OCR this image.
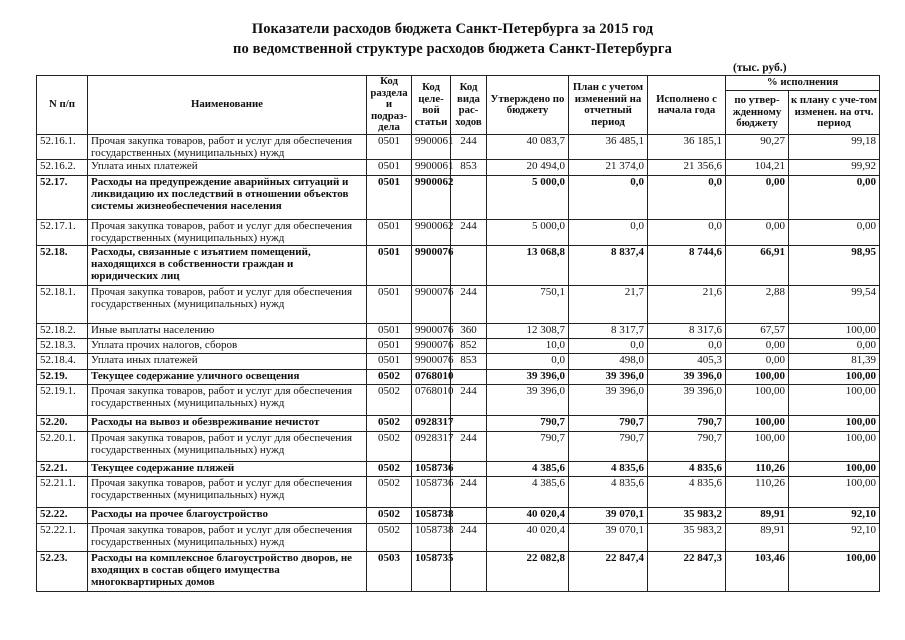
Показатели расходов бюджета Санкт-Петербурга за 2015 год
по ведомственной структуре расходов бюджета Санкт-Петербурга
(тыс. руб.)
N п/п	Наименование	Код раздела и подраз-дела	Код целе-вой статьи	Код вида рас-ходов	Утверждено по бюджету	План с учетом изменений на отчетный период	Исполнено с начала года	% исполнения	
								по утвер-жденному бюджету	к плану с уче-том изменен. на отч. период
52.16.1.	Прочая закупка товаров, работ и услуг для обеспечения государственных (муниципальных) нужд	0501	9900061	244	40 083,7	36 485,1	36 185,1	90,27	99,18
52.16.2.	Уплата иных платежей	0501	9900061	853	20 494,0	21 374,0	21 356,6	104,21	99,92
52.17.	Расходы на предупреждение аварийных ситуаций и ликвидацию их последствий в отношении объектов системы жизнеобеспечения населения	0501	9900062		5 000,0	0,0	0,0	0,00	0,00
52.17.1.	Прочая закупка товаров, работ и услуг для обеспечения государственных (муниципальных) нужд	0501	9900062	244	5 000,0	0,0	0,0	0,00	0,00
52.18.	Расходы, связанные с изъятием помещений, находящихся в собственности граждан и юридических лиц	0501	9900076		13 068,8	8 837,4	8 744,6	66,91	98,95
52.18.1.	Прочая закупка товаров, работ и услуг для обеспечения государственных (муниципальных) нужд	0501	9900076	244	750,1	21,7	21,6	2,88	99,54
52.18.2.	Иные выплаты населению	0501	9900076	360	12 308,7	8 317,7	8 317,6	67,57	100,00
52.18.3.	Уплата прочих налогов, сборов	0501	9900076	852	10,0	0,0	0,0	0,00	0,00
52.18.4.	Уплата иных платежей	0501	9900076	853	0,0	498,0	405,3	0,00	81,39
52.19.	Текущее содержание уличного освещения	0502	0768010		39 396,0	39 396,0	39 396,0	100,00	100,00
52.19.1.	Прочая закупка товаров, работ и услуг для обеспечения государственных (муниципальных) нужд	0502	0768010	244	39 396,0	39 396,0	39 396,0	100,00	100,00
52.20.	Расходы на вывоз и обезвреживание нечистот	0502	0928317		790,7	790,7	790,7	100,00	100,00
52.20.1.	Прочая закупка товаров, работ и услуг для обеспечения государственных (муниципальных) нужд	0502	0928317	244	790,7	790,7	790,7	100,00	100,00
52.21.	Текущее содержание пляжей	0502	1058736		4 385,6	4 835,6	4 835,6	110,26	100,00
52.21.1.	Прочая закупка товаров, работ и услуг для обеспечения государственных (муниципальных) нужд	0502	1058736	244	4 385,6	4 835,6	4 835,6	110,26	100,00
52.22.	Расходы на прочее благоустройство	0502	1058738		40 020,4	39 070,1	35 983,2	89,91	92,10
52.22.1.	Прочая закупка товаров, работ и услуг для обеспечения государственных (муниципальных) нужд	0502	1058738	244	40 020,4	39 070,1	35 983,2	89,91	92,10
52.23.	Расходы на комплексное благоустройство дворов, не входящих в состав общего имущества многоквартирных домов	0503	1058735		22 082,8	22 847,4	22 847,3	103,46	100,00
